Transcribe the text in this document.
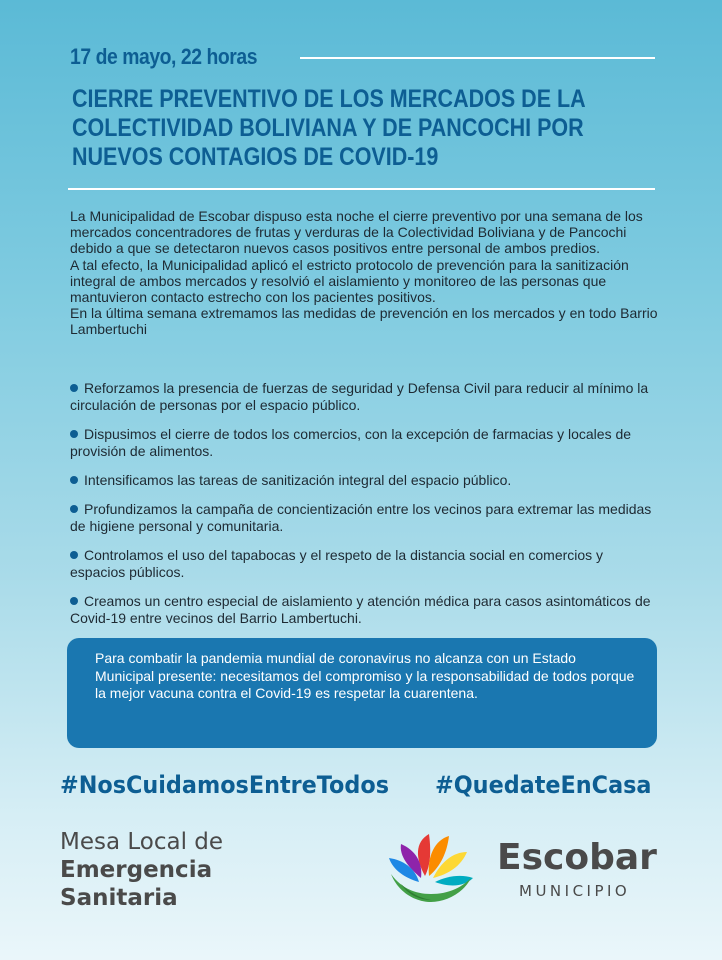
17 de mayo, 22 horas
CIERRE PREVENTIVO DE LOS MERCADOS DE LA
COLECTIVIDAD BOLIVIANA Y DE PANCOCHI POR
NUEVOS CONTAGIOS DE COVID-19

La Municipalidad de Escobar dispuso esta noche el cierre preventivo por una semana de los mercados concentradores de frutas y verduras de la Colectividad Boliviana y de Pancochi debido a que se detectaron nuevos casos positivos entre personal de ambos predios.

A tal efecto, la Municipalidad aplicó el estricto protocolo de prevención para la sanitización integral de ambos mercados y resolvió el aislamiento y monitoreo de las personas que mantuvieron contacto estrecho con los pacientes positivos.

En la última semana extremamos las medidas de prevención en los mercados y en todo Barrio Lambertuchi

Reforzamos la presencia de fuerzas de seguridad y Defensa Civil para reducir al mínimo la circulación de personas por el espacio público.
Dispusimos el cierre de todos los comercios, con la excepción de farmacias y locales de provisión de alimentos.
Intensificamos las tareas de sanitización integral del espacio público.
Profundizamos la campaña de concientización entre los vecinos para extremar las medidas de higiene personal y comunitaria.
Controlamos el uso del tapabocas y el respeto de la distancia social en comercios y espacios públicos.
Creamos un centro especial de aislamiento y atención médica para casos asintomáticos de Covid-19 entre vecinos del Barrio Lambertuchi.
Para combatir la pandemia mundial de coronavirus no alcanza con un Estado Municipal presente: necesitamos del compromiso y la responsabilidad de todos porque la mejor vacuna contra el Covid-19 es respetar la cuarentena.
#NosCuidamosEntreTodos #QuedateEnCasa
Mesa Local de
Emergencia
Sanitaria
Escobar
MUNICIPIO
